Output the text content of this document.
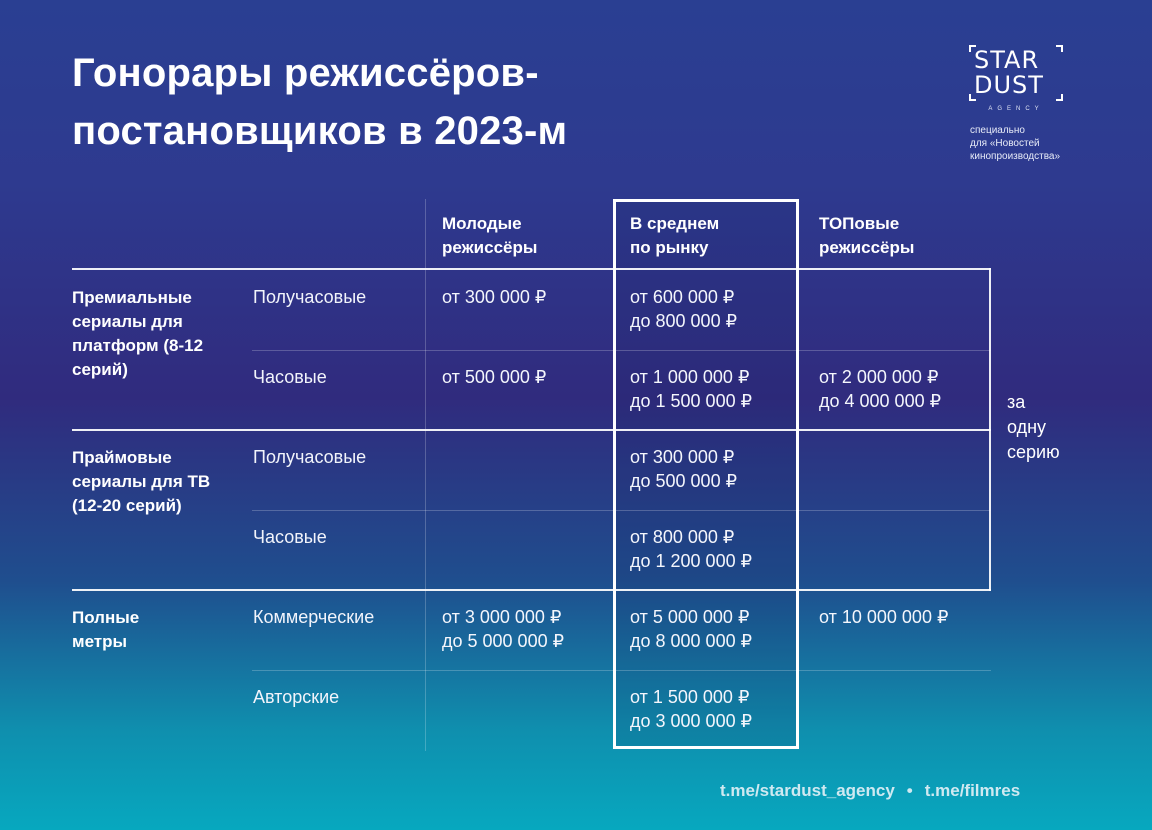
Гонорары режиссёров-
постановщиков в 2023-м
STAR
DUST
AGENCY
специально
для «Новостей
кинопроизводства»
Молодые
режиссёры
В среднем
по рынку
ТОПовые
режиссёры
Премиальные сериалы для платформ (8-12 серий)
Праймовые сериалы для ТВ (12-20 серий)
Полные метры
Получасовые
Часовые
Получасовые
Часовые
Коммерческие
Авторские
от 300 000 ₽
от 500 000 ₽
от 3 000 000 ₽
до 5 000 000 ₽
от 600 000 ₽
до 800 000 ₽
от 1 000 000 ₽
до 1 500 000 ₽
от 300 000 ₽
до 500 000 ₽
от 800 000 ₽
до 1 200 000 ₽
от 5 000 000 ₽
до 8 000 000 ₽
от 1 500 000 ₽
до 3 000 000 ₽
от 2 000 000 ₽
до 4 000 000 ₽
от 10 000 000 ₽
за
одну
серию
t.me/stardust_agency • t.me/filmres
